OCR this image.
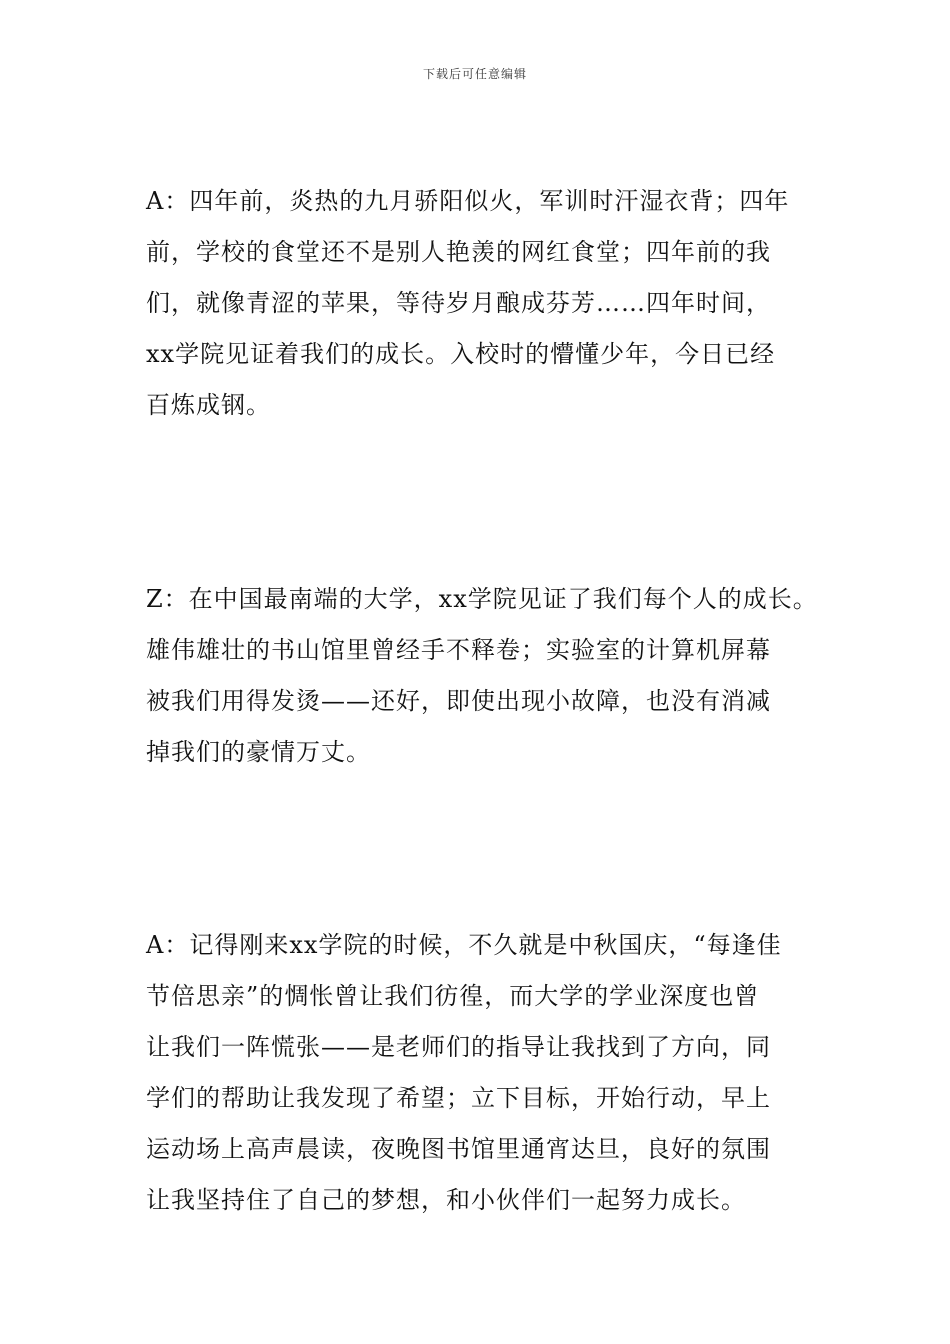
下载后可任意编辑
A：四年前，炎热的九月骄阳似火，军训时汗湿衣背；四年
前，学校的食堂还不是别人艳羡的网红食堂；四年前的我
们，就像青涩的苹果，等待岁月酿成芬芳……四年时间，
xx学院见证着我们的成长。入校时的懵懂少年，今日已经
百炼成钢。
Z：在中国最南端的大学，xx学院见证了我们每个人的成长。
雄伟雄壮的书山馆里曾经手不释卷；实验室的计算机屏幕
被我们用得发烫——还好，即使出现小故障，也没有消减
掉我们的豪情万丈。
A：记得刚来xx学院的时候，不久就是中秋国庆，“每逢佳
节倍思亲”的惆怅曾让我们彷徨，而大学的学业深度也曾
让我们一阵慌张——是老师们的指导让我找到了方向，同
学们的帮助让我发现了希望；立下目标，开始行动，早上
运动场上高声晨读，夜晚图书馆里通宵达旦，良好的氛围
让我坚持住了自己的梦想，和小伙伴们一起努力成长。
